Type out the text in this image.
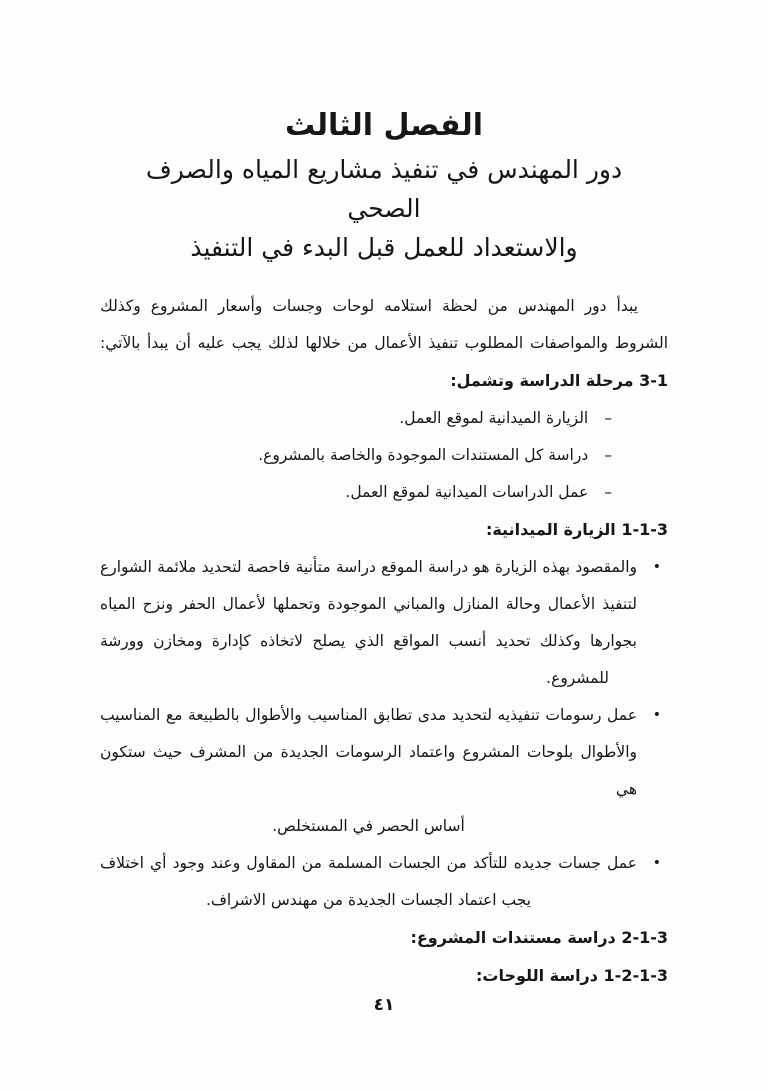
الفصل الثالث
دور المهندس في تنفيذ مشاريع المياه والصرف
الصحي
والاستعداد للعمل قبل البدء في التنفيذ

يبدأ دور المهندس من لحظة استلامه لوحات وجسات وأسعار المشروع وكذلك الشروط والمواصفات المطلوب تنفيذ الأعمال من خلالها لذلك يجب عليه أن يبدأ بالآتي:

3-1 مرحلة الدراسة وتشمل:
–
الزيارة الميدانية لموقع العمل.
–
دراسة كل المستندات الموجودة والخاصة بالمشروع.
–
عمل الدراسات الميدانية لموقع العمل.
1-1-3 الزيارة الميدانية:
•
والمقصود بهذه الزيارة هو دراسة الموقع دراسة متأنية فاحصة لتحديد ملائمة الشوارع لتنفيذ الأعمال وحالة المنازل والمباني الموجودة وتحملها لأعمال الحفر ونزح المياه بجوارها وكذلك تحديد أنسب المواقع الذي يصلح لاتخاذه كإدارة ومخازن وورشة
للمشروع.
•
عمل رسومات تنفيذيه لتحديد مدى تطابق المناسيب والأطوال بالطبيعة مع المناسيب والأطوال بلوحات المشروع واعتماد الرسومات الجديدة من المشرف حيث ستكون هي
أساس الحصر في المستخلص.
•
عمل جسات جديده للتأكد من الجسات المسلمة من المقاول وعند وجود أي اختلاف
يجب اعتماد الجسات الجديدة من مهندس الاشراف.
2-1-3 دراسة مستندات المشروع:
1-2-1-3 دراسة اللوحات:
٤١
